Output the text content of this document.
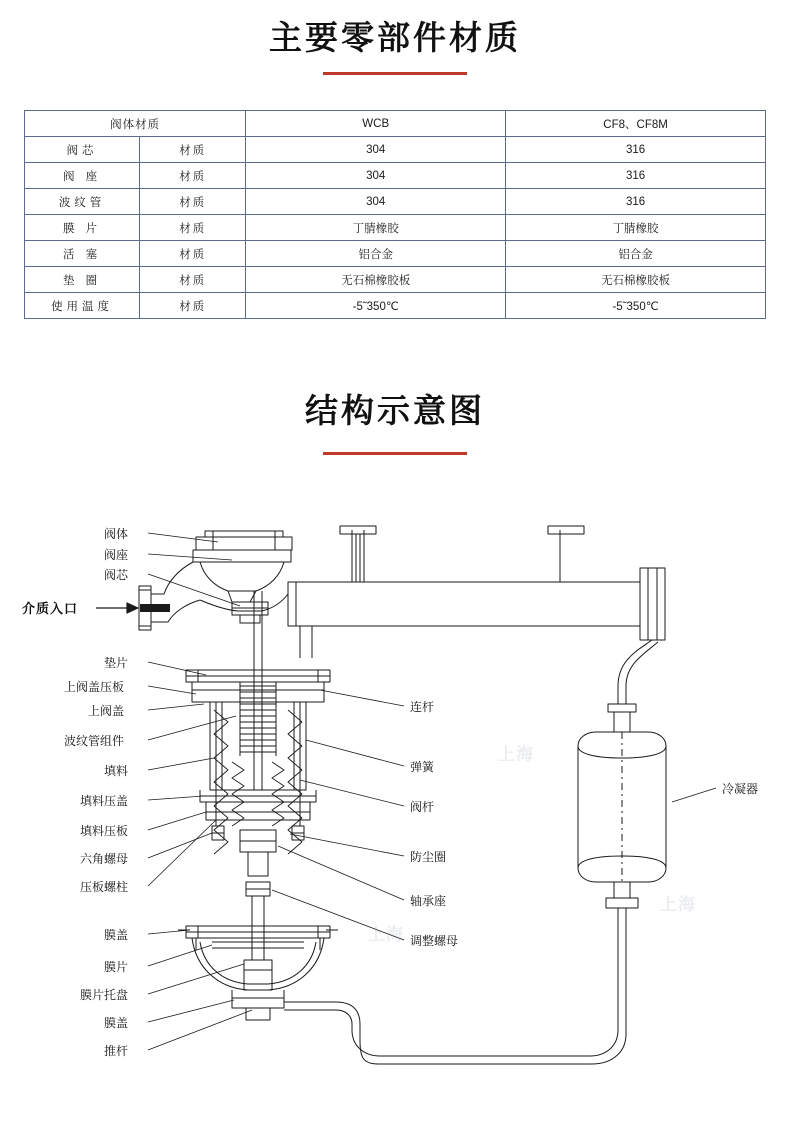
主要零部件材质
阀体材质		WCB	CF8、CF8M
阀芯	材质	304	316
阀 座	材质	304	316
波纹管	材质	304	316
膜 片	材质	丁腈橡胶	丁腈橡胶
活 塞	材质	铝合金	铝合金
垫 圈	材质	无石棉橡胶板	无石棉橡胶板
使用温度	材质	-5˜350℃	-5˜350℃
结构示意图
上海
上海
上海
介质入口
阀体
阀座
阀芯
垫片
上阀盖压板
上阀盖
波纹管组件
填料
填料压盖
填料压板
六角螺母
压板螺柱
膜盖
膜片
膜片托盘
膜盖
推杆
连杆
弹簧
阀杆
防尘圈
轴承座
调整螺母
冷凝器
